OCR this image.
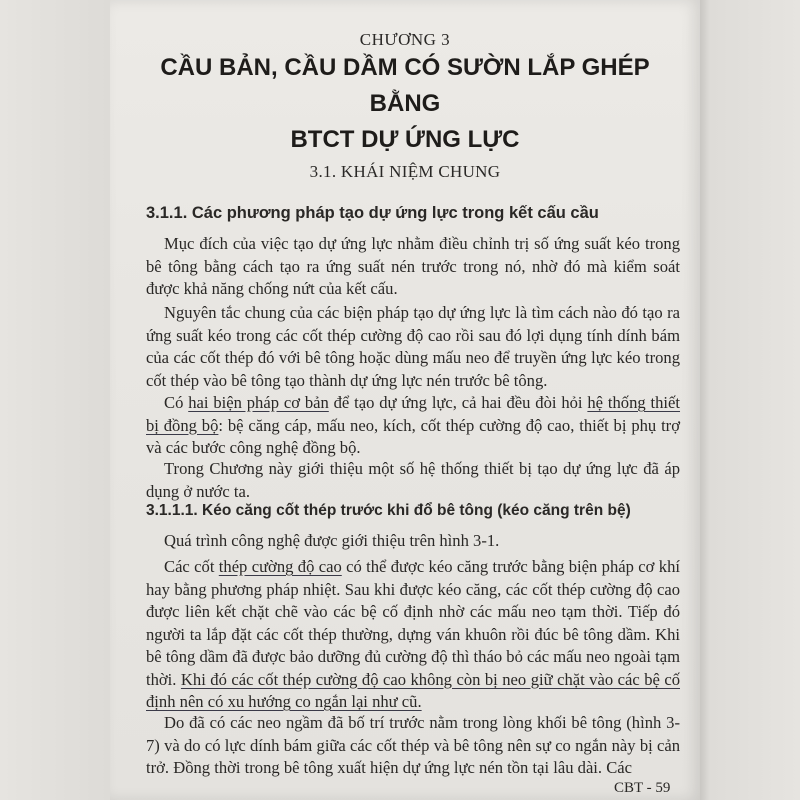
CHƯƠNG 3
CẦU BẢN, CẦU DẦM CÓ SƯỜN LẮP GHÉP BẰNG
BTCT DỰ ỨNG LỰC
3.1. KHÁI NIỆM CHUNG
3.1.1. Các phương pháp tạo dự ứng lực trong kết cấu cầu
Mục đích của việc tạo dự ứng lực nhằm điều chỉnh trị số ứng suất kéo trong bê tông bằng cách tạo ra ứng suất nén trước trong nó, nhờ đó mà kiểm soát được khả năng chống nứt của kết cấu.
Nguyên tắc chung của các biện pháp tạo dự ứng lực là tìm cách nào đó tạo ra ứng suất kéo trong các cốt thép cường độ cao rồi sau đó lợi dụng tính dính bám của các cốt thép đó với bê tông hoặc dùng mấu neo để truyền ứng lực kéo trong cốt thép vào bê tông tạo thành dự ứng lực nén trước bê tông.
Có hai biện pháp cơ bản để tạo dự ứng lực, cả hai đều đòi hỏi hệ thống thiết bị đồng bộ: bệ căng cáp, mấu neo, kích, cốt thép cường độ cao, thiết bị phụ trợ và các bước công nghệ đồng bộ.
Trong Chương này giới thiệu một số hệ thống thiết bị tạo dự ứng lực đã áp dụng ở nước ta.
3.1.1.1. Kéo căng cốt thép trước khi đổ bê tông (kéo căng trên bệ)
Quá trình công nghệ được giới thiệu trên hình 3-1.
Các cốt thép cường độ cao có thể được kéo căng trước bằng biện pháp cơ khí hay bằng phương pháp nhiệt. Sau khi được kéo căng, các cốt thép cường độ cao được liên kết chặt chẽ vào các bệ cố định nhờ các mấu neo tạm thời. Tiếp đó người ta lắp đặt các cốt thép thường, dựng ván khuôn rồi đúc bê tông dầm. Khi bê tông dầm đã được bảo dưỡng đủ cường độ thì tháo bỏ các mấu neo ngoài tạm thời. Khi đó các cốt thép cường độ cao không còn bị neo giữ chặt vào các bệ cố định nên có xu hướng co ngắn lại như cũ.
Do đã có các neo ngầm đã bố trí trước nằm trong lòng khối bê tông (hình 3-7) và do có lực dính bám giữa các cốt thép và bê tông nên sự co ngắn này bị cản trở. Đồng thời trong bê tông xuất hiện dự ứng lực nén tồn tại lâu dài. Các
CBT - 59
